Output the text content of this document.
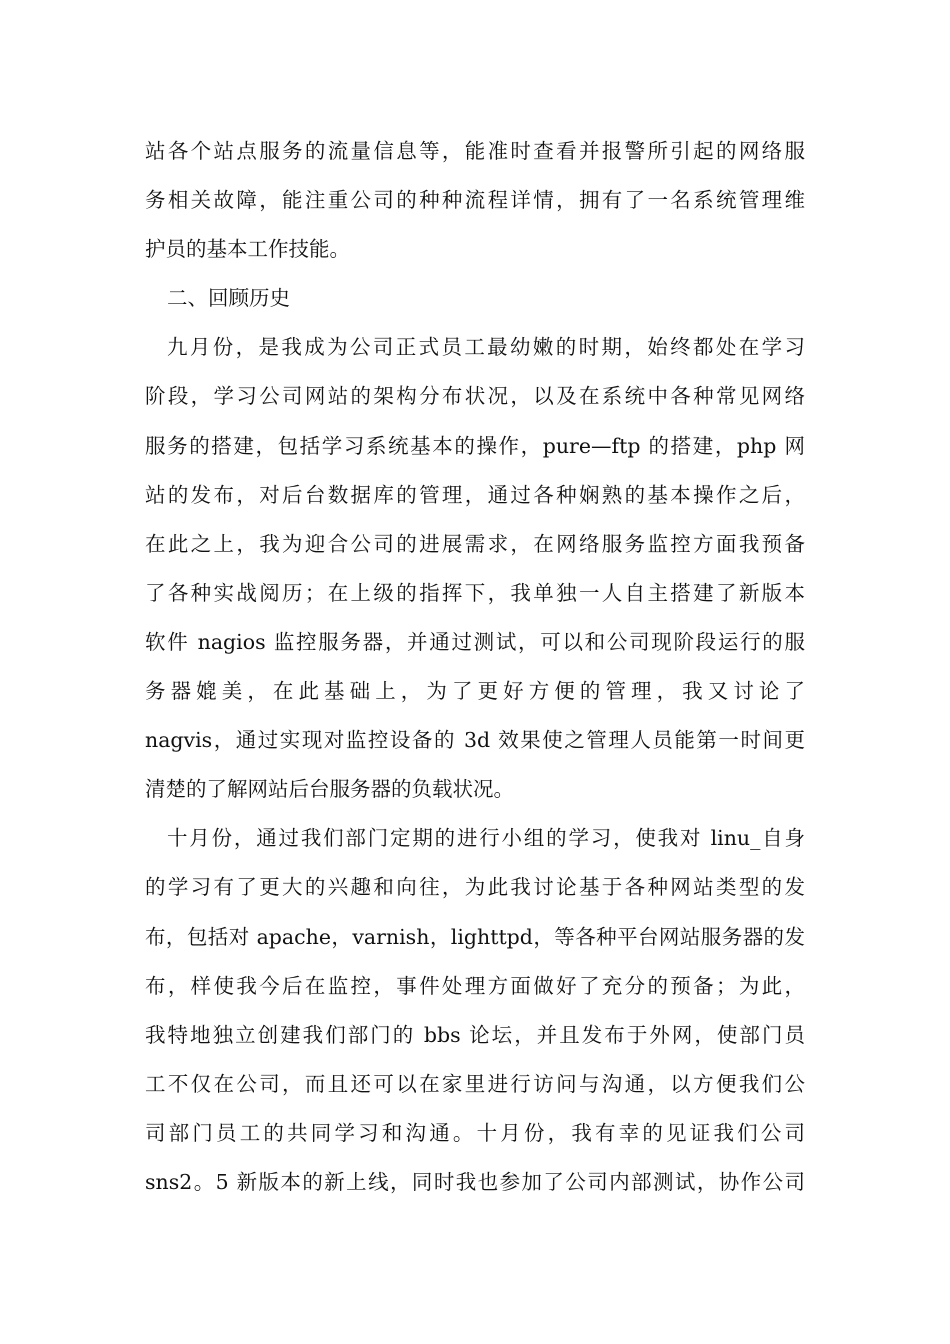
站各个站点服务的流量信息等，能准时查看并报警所引起的网络服
务相关故障，能注重公司的种种流程详情，拥有了一名系统管理维
护员的基本工作技能。
二、回顾历史
九月份，是我成为公司正式员工最幼嫩的时期，始终都处在学习
阶段，学习公司网站的架构分布状况，以及在系统中各种常见网络
服务的搭建，包括学习系统基本的操作，pure—ftp 的搭建，php 网
站的发布，对后台数据库的管理，通过各种娴熟的基本操作之后，
在此之上，我为迎合公司的进展需求，在网络服务监控方面我预备
了各种实战阅历；在上级的指挥下，我单独一人自主搭建了新版本
软件 nagios 监控服务器，并通过测试，可以和公司现阶段运行的服
务器媲美，在此基础上，为了更好方便的管理，我又讨论了
nagvis，通过实现对监控设备的 3d 效果使之管理人员能第一时间更
清楚的了解网站后台服务器的负载状况。
十月份，通过我们部门定期的进行小组的学习，使我对 linu_自身
的学习有了更大的兴趣和向往，为此我讨论基于各种网站类型的发
布，包括对 apache，varnish，lighttpd，等各种平台网站服务器的发
布，样使我今后在监控，事件处理方面做好了充分的预备；为此，
我特地独立创建我们部门的 bbs 论坛，并且发布于外网，使部门员
工不仅在公司，而且还可以在家里进行访问与沟通，以方便我们公
司部门员工的共同学习和沟通。十月份，我有幸的见证我们公司
sns2。5 新版本的新上线，同时我也参加了公司内部测试，协作公司
